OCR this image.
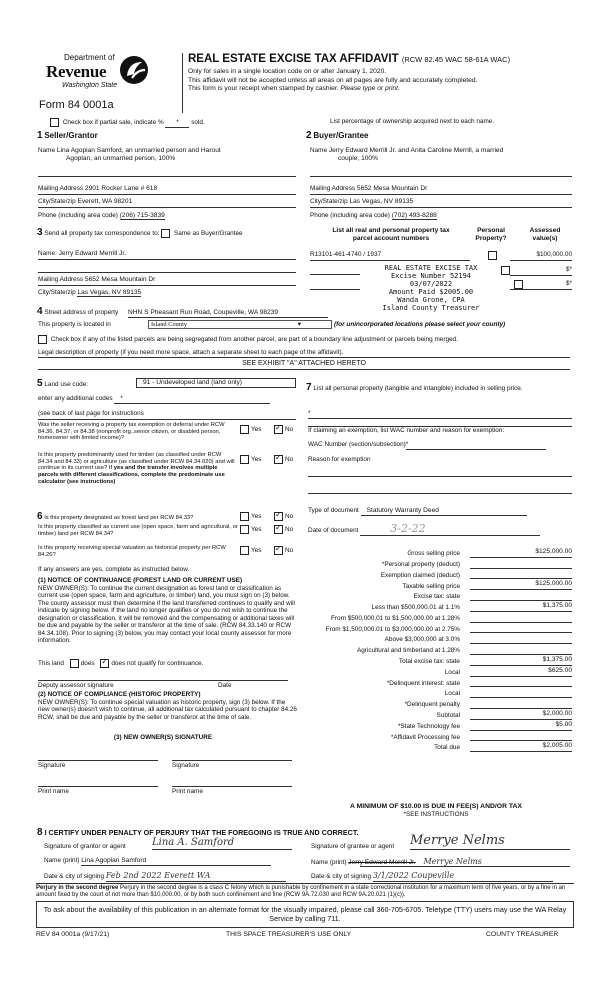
Department of
Revenue
Washington State
Form 84 0001a
REAL ESTATE EXCISE TAX AFFIDAVIT (RCW 82.45 WAC 58-61A WAC)
Only for sales in a single location code on or after January 1, 2020.
This affidavit will not be accepted unless all areas on all pages are fully and accurately completed.
This form is your receipt when stamped by cashier. Please type or print.
Check box if partial sale, indicate % * sold.	List percentage of ownership acquired next to each name.
1 Seller/Grantor
Name Lina Agopian Samford, an unmarried person and Harout
Agoplan, an unmarried person, 100%
Mailing Address 2901 Rocker Lane # 618
City/State/zip Everett, WA 98201
Phone (including area code) (206) 715-3839
2 Buyer/Grantee
Name Jerry Edward Merrill Jr. and Anita Caroline Merrill, a married
couple, 100%
Mailing Address 5652 Mesa Mountain Dr
City/State/zip Las Vegas, NV 89135
Phone (including area code) (702) 493-8288
3 Send all property tax correspondence to: Same as Buyer/Grantee
Name: Jerry Edward Merrill Jr.
Mailing Address 5652 Mesa Mountain Dr
City/State/zip Las Vegas, NV 89135
List all real and personal property tax
parcel account numbers
Personal
Property?
Assessed
value(s)
R13101-461-4740 / 1937
	$100,000.00

$*
$*
REAL ESTATE EXCISE TAX
Excise Number 52194
03/07/2022
Amount Paid $2005.00
Wanda Grone, CPA
Island County Treasurer
4 Street address of property NHN S Pheasant Run Road, Coupeville, WA 98239
This property is located in	Island County	▾	(for unincorporated locations please select your county)
Check box if any of the listed parcels are being segregated from another parcel, are part of a boundary line adjustment or parcels being merged.
Legal description of property (if you need more space, attach a separate sheet to each page of the affidavit).
SEE EXHIBIT "A" ATTACHED HERETO
5 Land use code:	91 - Undeveloped land (land only)
enter any additional codes *
(see back of last page for instructions
Was the seller receiving a property tax exemption or deferral under RCW 84.36, 84.37, or 84.38 (nonprofit org.,senior citizen, or disabled person, homeowner with limited income)?
Yes ✓	No
Is this property predominantly used for timber (as classified under RCW 84.34 and 84.33) or agriculture (as classified under RCW 84.34.020) and will continue in its current use? If yes and the transfer involves multiple parcels with different classifications, complete the predominate use calculator (see instructions)
Yes ✓	No
6 Is this property designated as forest land per RCW 84.33?	Yes ✓	No
Is this property classified as current use (open space, farm and agricultural, or timber) land per RCW 84.34?
Yes ✓	No
Is this property receiving special valuation as historical property per RCW 84.26?
Yes ✓	No
If any answers are yes, complete as instructed below.
(1) NOTICE OF CONTINUANCE (FOREST LAND OR CURRENT USE)
NEW OWNER(S): To continue the current designation as forest land or classification as current use (open space, farm and agriculture, or timber) land, you must sign on (3) below. The county assessor must then determine if the land transferred continues to qualify and will indicate by signing below. If the land no longer qualifies or you do not wish to continue the designation or classification, it will be removed and the compensating or additional taxes will be due and payable by the seller or transferor at the time of sale. (RCW 84.33.140 or RCW 84.34.108). Prior to signing (3) below, you may contact your local county assessor for more information.
This land	does ✓	does not qualify for continuance.
Deputy assessor signature	Date
(2) NOTICE OF COMPLIANCE (HISTORIC PROPERTY)
NEW OWNER(S): To continue special valuation as historic property, sign (3) below. If the new owner(s) doesn't wish to continue, all additional tax calculated pursuant to chapter 84.26 RCW, shall be due and payable by the seller or transferor at the time of sale.
(3) NEW OWNER(S) SIGNATURE
Signature	Signature
Print name	Print name
7 List all personal property (tangible and intangible) included in selling price.
*
If claiming an exemption, list WAC number and reason for exemption:
WAC Number (section/subsection)*
Reason for exemption
Type of document Statutory Warranty Deed
Date of document	3-2-22
Gross selling price	$125,000.00
*Personal property (deduct)
Exemption claimed (deduct)
Taxable selling price	$125,000.00
Excise tax: state
Less than $500,000.01 at 1.1%	$1,375.00
From $500,000.01 to $1,500,000.00 at 1.28%
From $1,500,000.01 to $3,000,000.00 at 2.75%
Above $3,000,000 at 3.0%
Agricultural and timberland at 1.28%
Total excise tax: state	$1,375.00
Local	$625.00
*Delinquent interest: state
Local
*Delinquent penalty
Subtotal	$2,000.00
*State Technology fee	$5.00
*Affidavit Processing fee
Total due	$2,005.00
A MINIMUM OF $10.00 IS DUE IN FEE(S) AND/OR TAX
*SEE INSTRUCTIONS
8 I CERTIFY UNDER PENALTY OF PERJURY THAT THE FOREGOING IS TRUE AND CORRECT.
Signature of grantor or agent	Lina A. Samford	Signature of grantee or agent Merrye Nelms
Name (print) Lina Agopian Samford	Name (print) Jerry Edward Merrill Jr. Merrye Nelms
Date & city of signing Feb 2nd 2022 Everett WA	Date & city of signing 3/1/2022 Coupeville
Perjury in the second degree Perjury in the second degree is a class C felony which is punishable by confinement in a state correctional institution for a maximum term of five years, or by a fine in an amount fixed by the court of not more than $10,000.00, or by both such confinement and fine (RCW 9A.72.030 and RCW 9A.20.021 (1)(c)).
To ask about the availability of this publication in an alternate format for the visually impaired, please call 360-705-6705. Teletype (TTY) users may use the WA Relay Service by calling 711.
REV 84 0001a (9/17/21)	THIS SPACE TREASURER'S USE ONLY	COUNTY TREASURER
